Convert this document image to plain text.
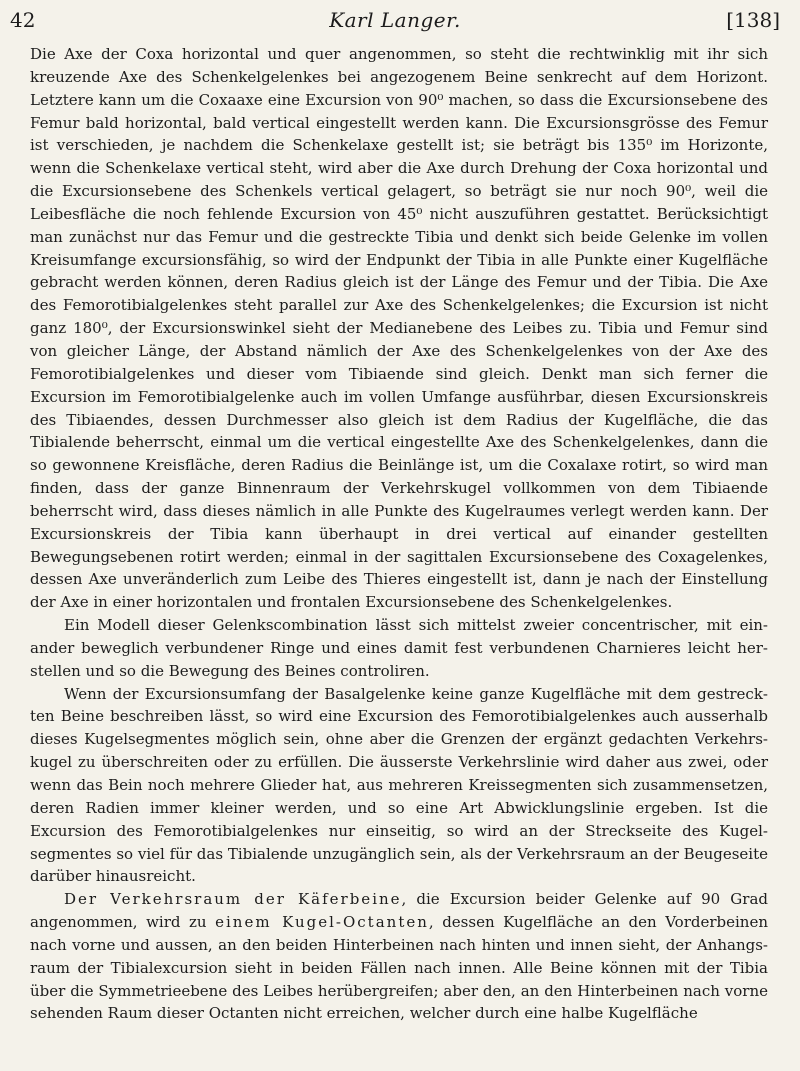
42	Karl Langer.	[138]

Die Axe der Coxa horizontal und quer angenommen, so steht die rechtwinklig mit ihr sich kreuzende Axe des Schenkelgelenkes bei angezogenem Beine senkrecht auf dem Horizont. Letztere kann um die Coxaaxe eine Excursion von 90⁰ machen, so dass die Excursionsebene des Femur bald horizontal, bald vertical eingestellt werden kann. Die Excursionsgrösse des Femur ist verschieden, je nachdem die Schenkelaxe gestellt ist; sie beträgt bis 135⁰ im Horizonte, wenn die Schenkelaxe vertical steht, wird aber die Axe durch Drehung der Coxa horizontal und die Excursionsebene des Schenkels vertical gelagert, so beträgt sie nur noch 90⁰, weil die Leibesfläche die noch fehlende Excursion von 45⁰ nicht auszuführen gestattet. Berücksichtigt man zunächst nur das Femur und die gestreckte Tibia und denkt sich beide Gelenke im vollen Kreisumfange excursionsfähig, so wird der Endpunkt der Tibia in alle Punkte einer Kugelfläche gebracht werden können, deren Radius gleich ist der Länge des Femur und der Tibia. Die Axe des Femorotibialgelenkes steht parallel zur Axe des Schenkelgelenkes; die Excursion ist nicht ganz 180⁰, der Excursionswinkel sieht der Medianebene des Leibes zu. Tibia und Femur sind von gleicher Länge, der Abstand nämlich der Axe des Schenkelgelenkes von der Axe des Femorotibialgelenkes und dieser vom Tibiaende sind gleich. Denkt man sich ferner die Excursion im Femorotibialgelenke auch im vollen Umfange ausführbar, diesen Excursionskreis des Tibiaendes, dessen Durchmesser also gleich ist dem Radius der Kugelfläche, die das Tibialende beherrscht, einmal um die vertical eingestellte Axe des Schenkelgelenkes, dann die so gewonnene Kreisfläche, deren Radius die Beinlänge ist, um die Coxalaxe rotirt, so wird man finden, dass der ganze Binnenraum der Verkehrskugel vollkommen von dem Tibiaende beherrscht wird, dass dieses nämlich in alle Punkte des Kugelraumes verlegt werden kann. Der Excursionskreis der Tibia kann überhaupt in drei vertical auf einander gestellten Bewegungsebenen rotirt werden; einmal in der sagittalen Excursionsebene des Coxagelenkes, dessen Axe unveränderlich zum Leibe des Thieres eingestellt ist, dann je nach der Einstellung der Axe in einer horizontalen und frontalen Excursionsebene des Schenkelgelenkes.

Ein Modell dieser Gelenkscombination lässt sich mittelst zweier concentrischer, mit einander beweglich verbundener Ringe und eines damit fest verbundenen Charnieres leicht herstellen und so die Bewegung des Beines controliren.

Wenn der Excursionsumfang der Basalgelenke keine ganze Kugelfläche mit dem gestreckten Beine beschreiben lässt, so wird eine Excursion des Femorotibialgelenkes auch ausserhalb dieses Kugelsegmentes möglich sein, ohne aber die Grenzen der ergänzt gedachten Verkehrskugel zu überschreiten oder zu erfüllen. Die äusserste Verkehrslinie wird daher aus zwei, oder wenn das Bein noch mehrere Glieder hat, aus mehreren Kreissegmenten sich zusammensetzen, deren Radien immer kleiner werden, und so eine Art Abwicklungslinie ergeben. Ist die Excursion des Femorotibialgelenkes nur einseitig, so wird an der Streckseite des Kugelsegmentes so viel für das Tibialende unzugänglich sein, als der Verkehrsraum an der Beugeseite darüber hinausreicht.

Der Verkehrsraum der Käferbeine, die Excursion beider Gelenke auf 90 Grad angenommen, wird zu einem Kugel-Octanten, dessen Kugelfläche an den Vorderbeinen nach vorne und aussen, an den beiden Hinterbeinen nach hinten und innen sieht, der Anhangsraum der Tibialexcursion sieht in beiden Fällen nach innen. Alle Beine können mit der Tibia über die Symmetrieebene des Leibes herübergreifen; aber den, an den Hinterbeinen nach vorne sehenden Raum dieser Octanten nicht erreichen, welcher durch eine halbe Kugelfläche
